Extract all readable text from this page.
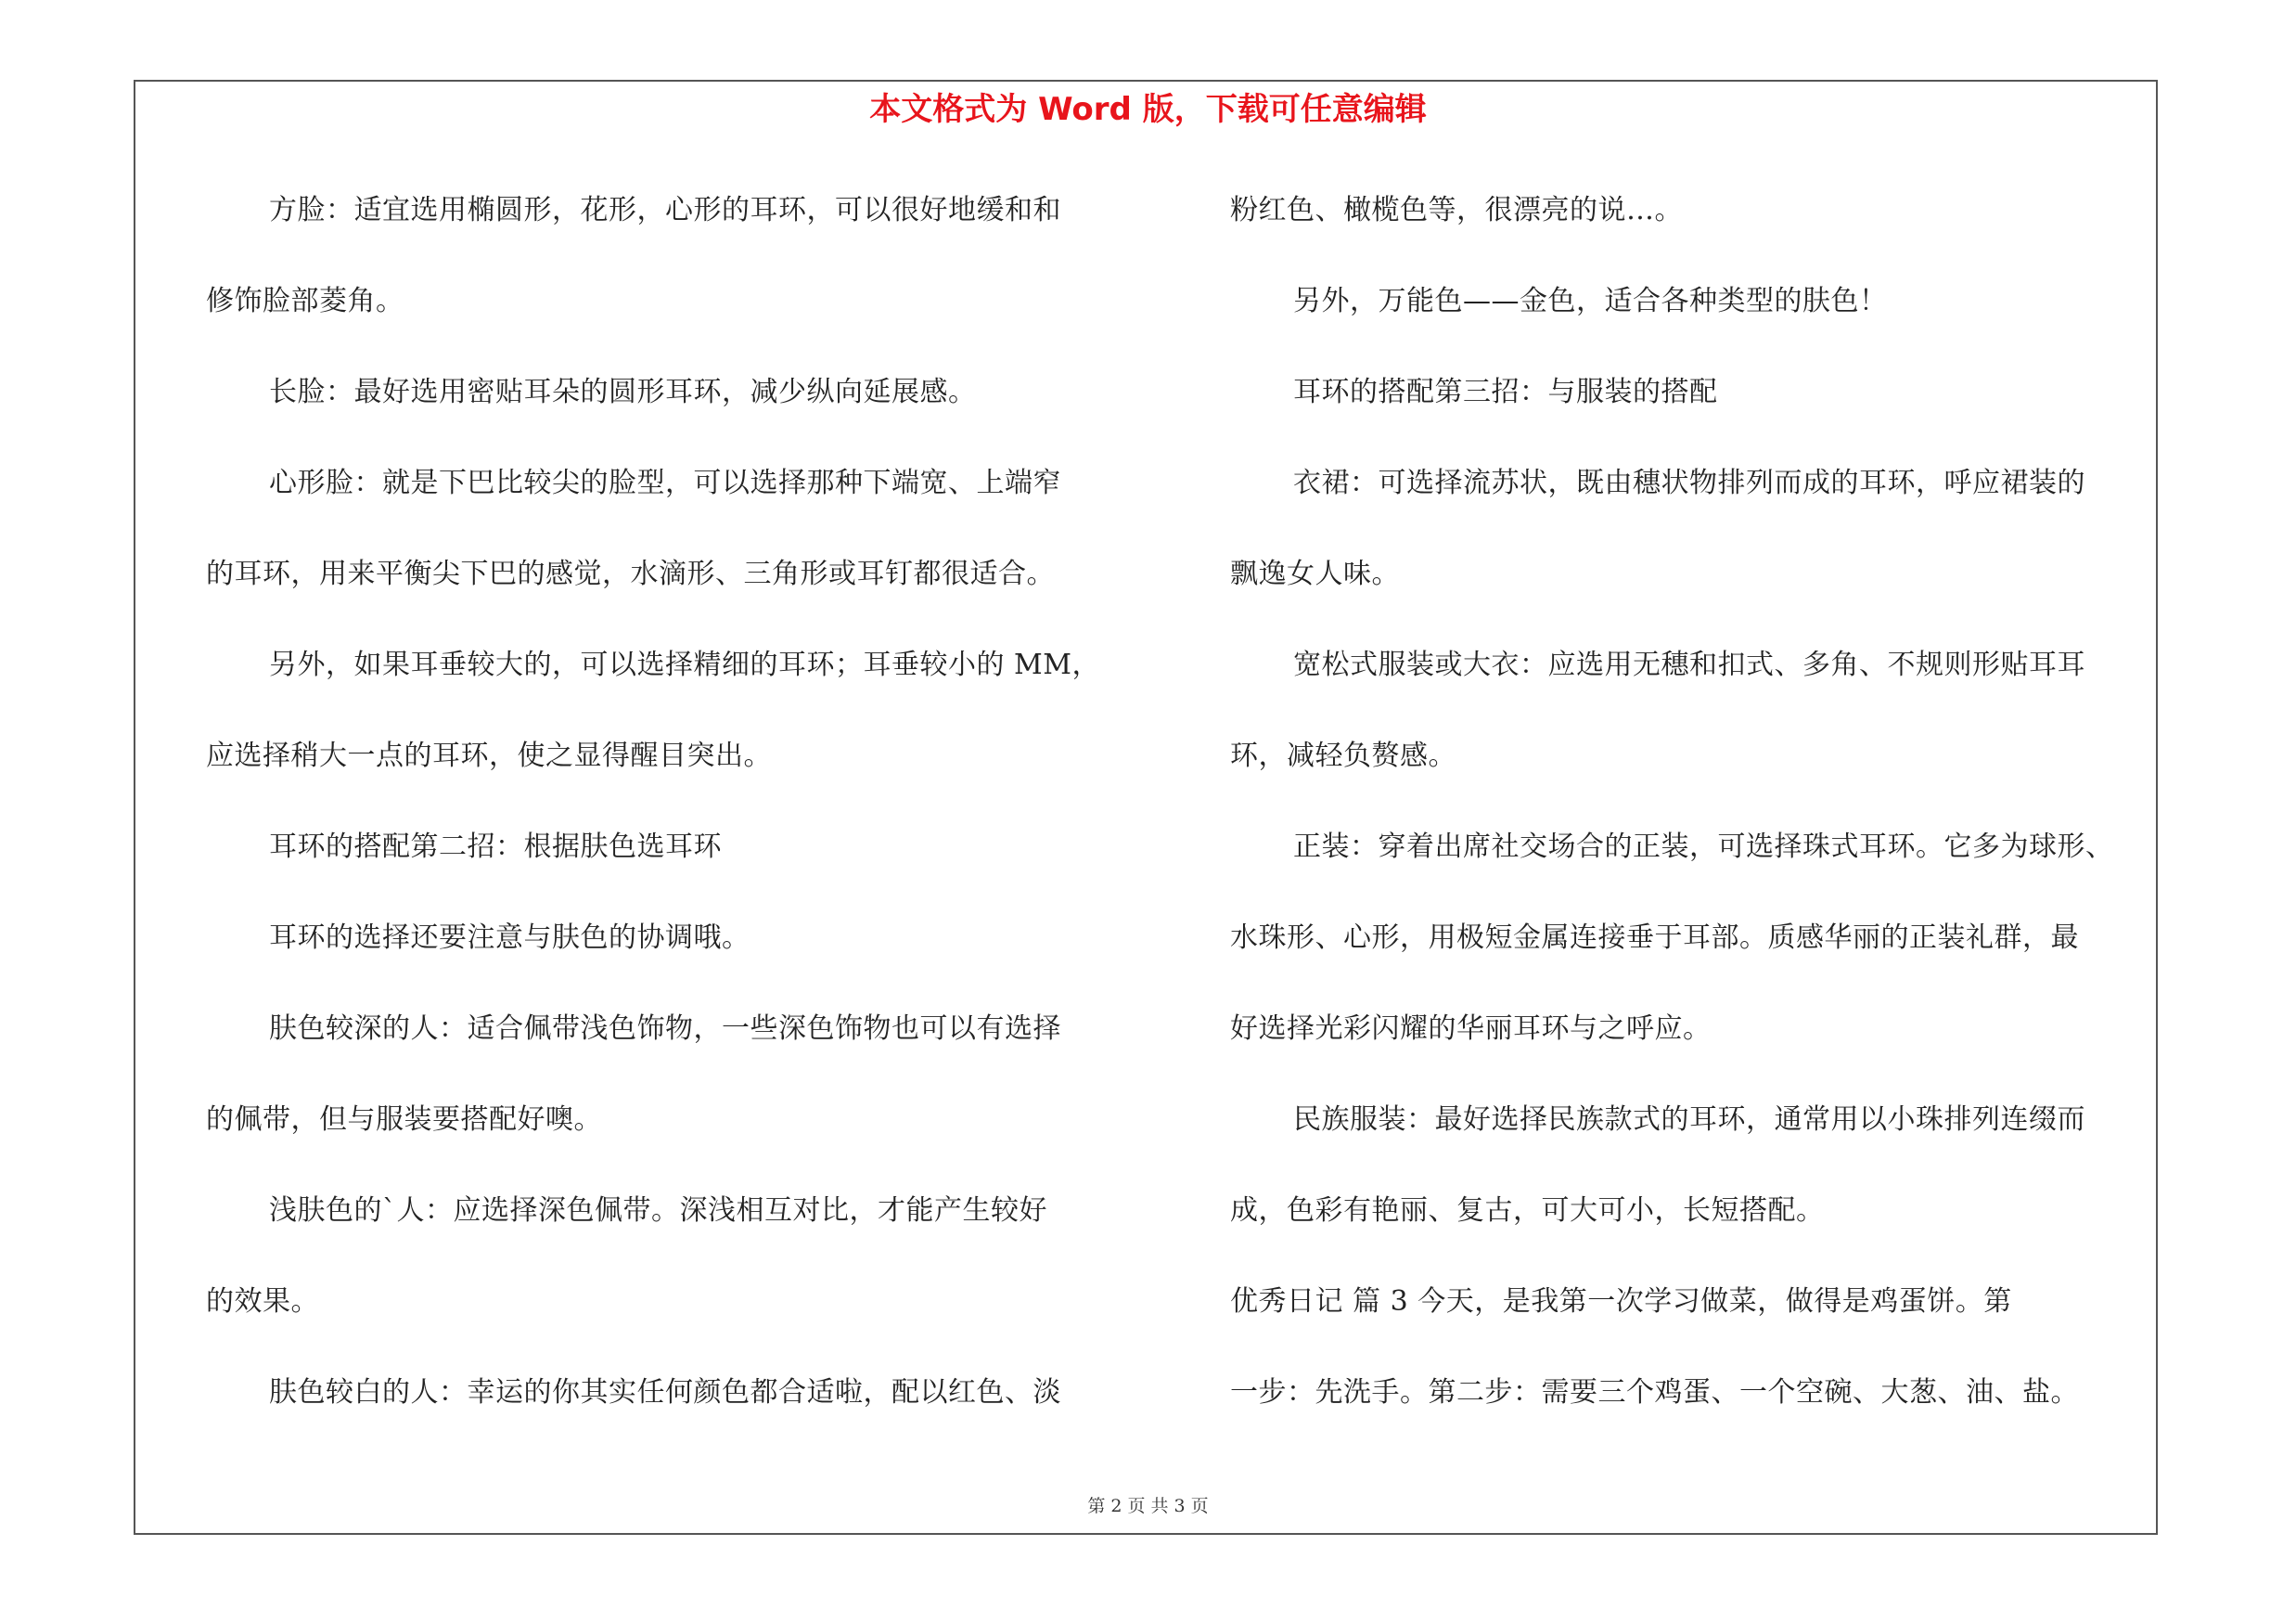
本文格式为 Word 版，下载可任意编辑
方脸：适宜选用椭圆形，花形，心形的耳环，可以很好地缓和和
修饰脸部菱角。
长脸：最好选用密贴耳朵的圆形耳环，减少纵向延展感。
心形脸：就是下巴比较尖的脸型，可以选择那种下端宽、上端窄
的耳环，用来平衡尖下巴的感觉，水滴形、三角形或耳钉都很适合。
另外，如果耳垂较大的，可以选择精细的耳环；耳垂较小的 MM，
应选择稍大一点的耳环，使之显得醒目突出。
耳环的搭配第二招：根据肤色选耳环
耳环的选择还要注意与肤色的协调哦。
肤色较深的人：适合佩带浅色饰物，一些深色饰物也可以有选择
的佩带，但与服装要搭配好噢。
浅肤色的`人：应选择深色佩带。深浅相互对比，才能产生较好
的效果。
肤色较白的人：幸运的你其实任何颜色都合适啦，配以红色、淡
粉红色、橄榄色等，很漂亮的说…。
另外，万能色——金色，适合各种类型的肤色！
耳环的搭配第三招：与服装的搭配
衣裙：可选择流苏状，既由穗状物排列而成的耳环，呼应裙装的
飘逸女人味。
宽松式服装或大衣：应选用无穗和扣式、多角、不规则形贴耳耳
环，减轻负赘感。
正装：穿着出席社交场合的正装，可选择珠式耳环。它多为球形、
水珠形、心形，用极短金属连接垂于耳部。质感华丽的正装礼群，最
好选择光彩闪耀的华丽耳环与之呼应。
民族服装：最好选择民族款式的耳环，通常用以小珠排列连缀而
成，色彩有艳丽、复古，可大可小，长短搭配。
优秀日记 篇 3 今天，是我第一次学习做菜，做得是鸡蛋饼。第
一步：先洗手。第二步：需要三个鸡蛋、一个空碗、大葱、油、盐。
第 2 页 共 3 页
